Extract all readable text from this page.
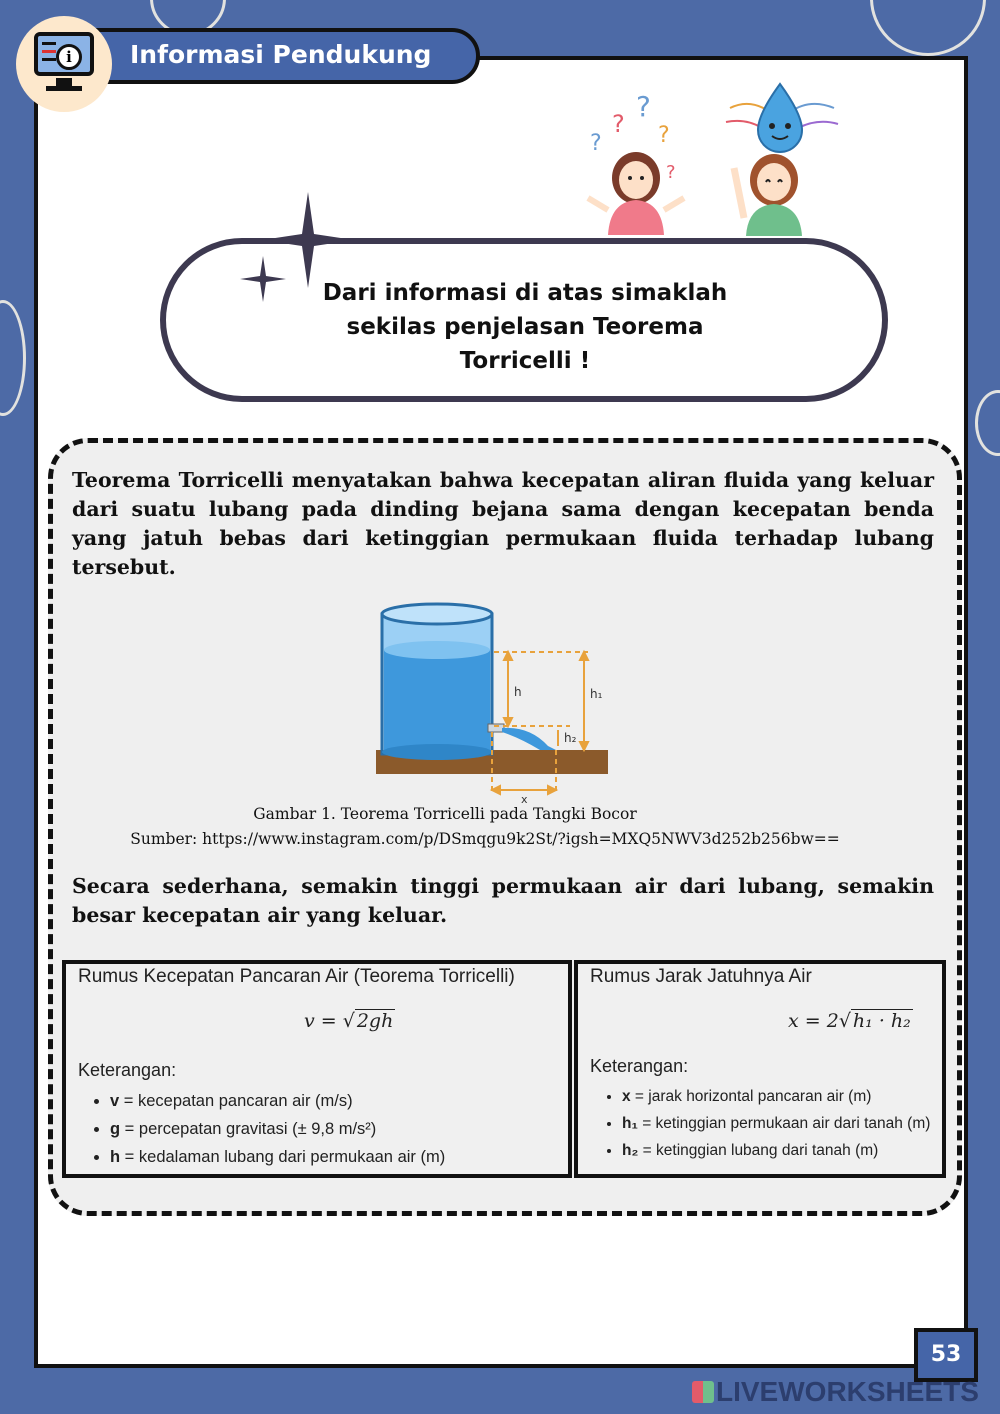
Informasi Pendukung
i
?
?
?
?
?
Dari informasi di atas simaklah
sekilas penjelasan Teorema
Torricelli !
Teorema Torricelli menyatakan bahwa kecepatan aliran fluida yang keluar dari suatu lubang pada dinding bejana sama dengan kecepatan benda yang jatuh bebas dari ketinggian permukaan fluida terhadap lubang tersebut.
h	h₁
h₂
x
Gambar 1. Teorema Torricelli pada Tangki Bocor
Sumber: https://www.instagram.com/p/DSmqgu9k2St/?igsh=MXQ5NWV3d252b256bw==
Secara sederhana, semakin tinggi permukaan air dari lubang, semakin besar kecepatan air yang keluar.
Rumus Kecepatan Pancaran Air (Teorema Torricelli)
v = √ 2gh
Keterangan:
• v = kecepatan pancaran air (m/s)
• g = percepatan gravitasi (± 9,8 m/s²)
• h = kedalaman lubang dari permukaan air (m)
Rumus Jarak Jatuhnya Air
x = 2√ h₁ · h₂
Keterangan:
• x = jarak horizontal pancaran air (m)
• h₁ = ketinggian permukaan air dari tanah (m)
• h₂ = ketinggian lubang dari tanah (m)
53
LIVEWORKSHEETS
